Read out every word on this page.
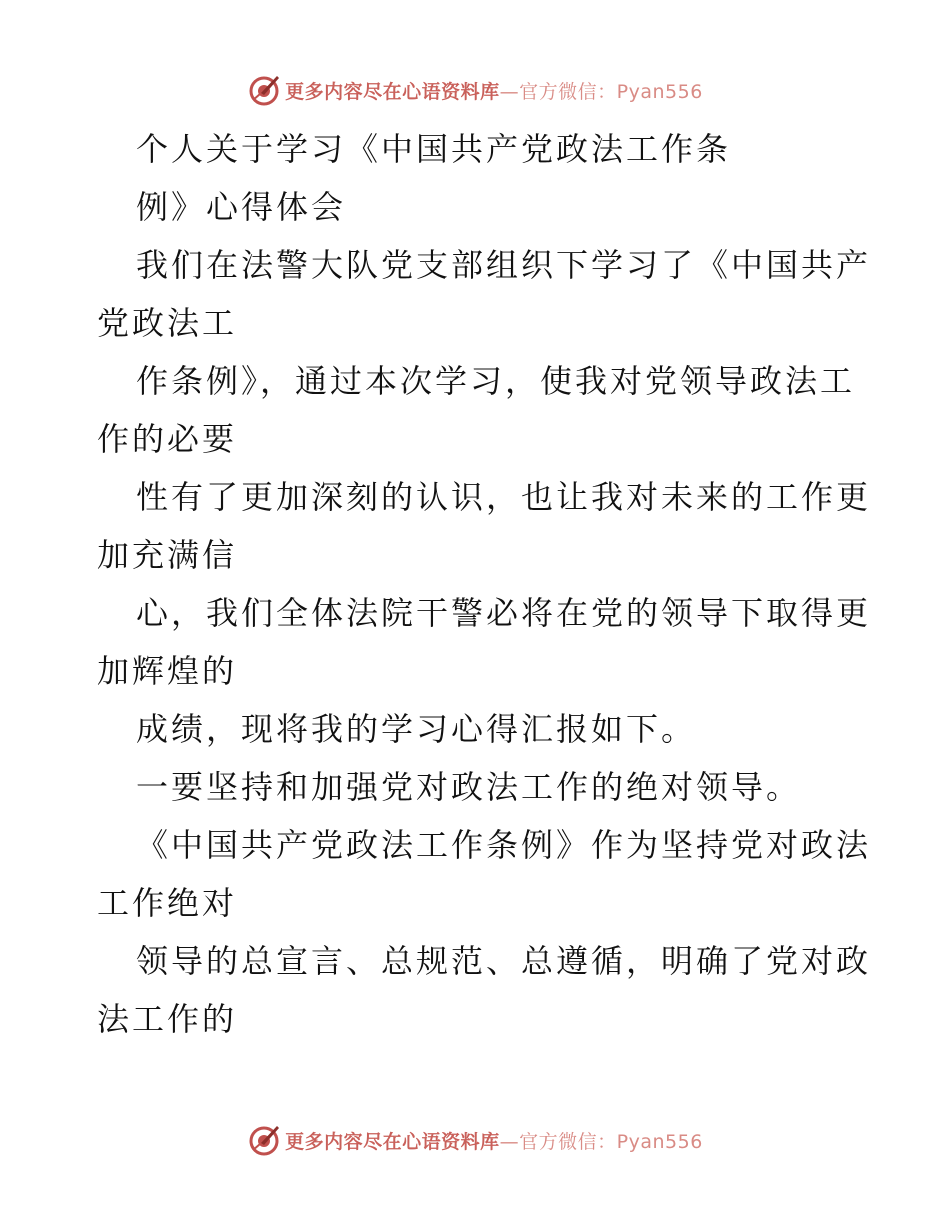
更多内容尽在心语资料库—官方微信：Pyan556
个人关于学习《中国共产党政法工作条
例》心得体会
我们在法警大队党支部组织下学习了《中国共产
党政法工
作条例》，通过本次学习，使我对党领导政法工
作的必要
性有了更加深刻的认识，也让我对未来的工作更
加充满信
心，我们全体法院干警必将在党的领导下取得更
加辉煌的
成绩，现将我的学习心得汇报如下。
一要坚持和加强党对政法工作的绝对领导。
《中国共产党政法工作条例》作为坚持党对政法
工作绝对
领导的总宣言、总规范、总遵循，明确了党对政
法工作的
更多内容尽在心语资料库—官方微信：Pyan556
